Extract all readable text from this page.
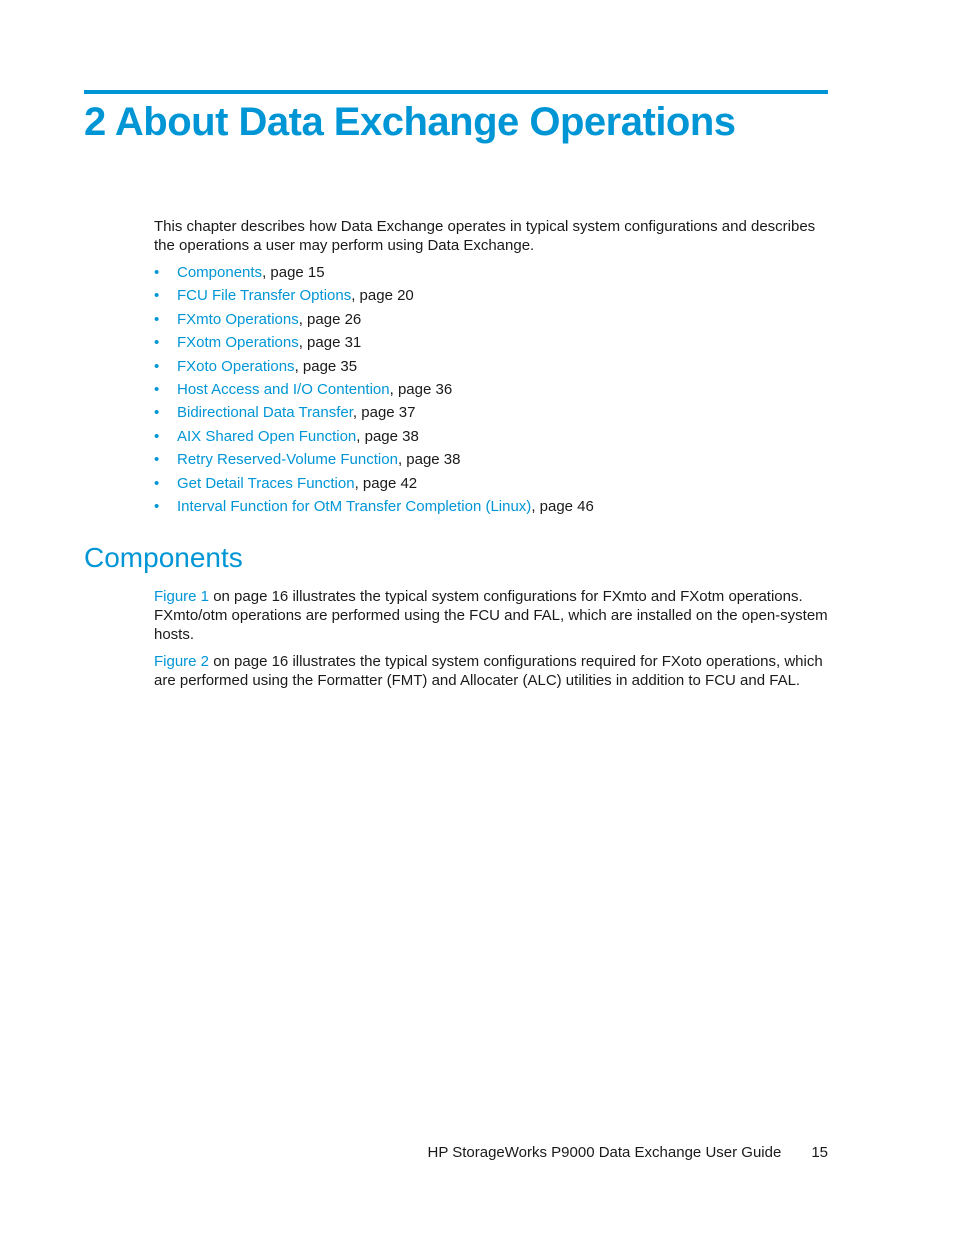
2 About Data Exchange Operations

This chapter describes how Data Exchange operates in typical system configurations and describes the operations a user may perform using Data Exchange.

• Components, page 15
• FCU File Transfer Options, page 20
• FXmto Operations, page 26
• FXotm Operations, page 31
• FXoto Operations, page 35
• Host Access and I/O Contention, page 36
• Bidirectional Data Transfer, page 37
• AIX Shared Open Function, page 38
• Retry Reserved-Volume Function, page 38
• Get Detail Traces Function, page 42
• Interval Function for OtM Transfer Completion (Linux), page 46
Components

Figure 1 on page 16 illustrates the typical system configurations for FXmto and FXotm operations. FXmto/otm operations are performed using the FCU and FAL, which are installed on the open-system hosts.

Figure 2 on page 16 illustrates the typical system configurations required for FXoto operations, which are performed using the Formatter (FMT) and Allocater (ALC) utilities in addition to FCU and FAL.

HP StorageWorks P9000 Data Exchange User Guide 15
